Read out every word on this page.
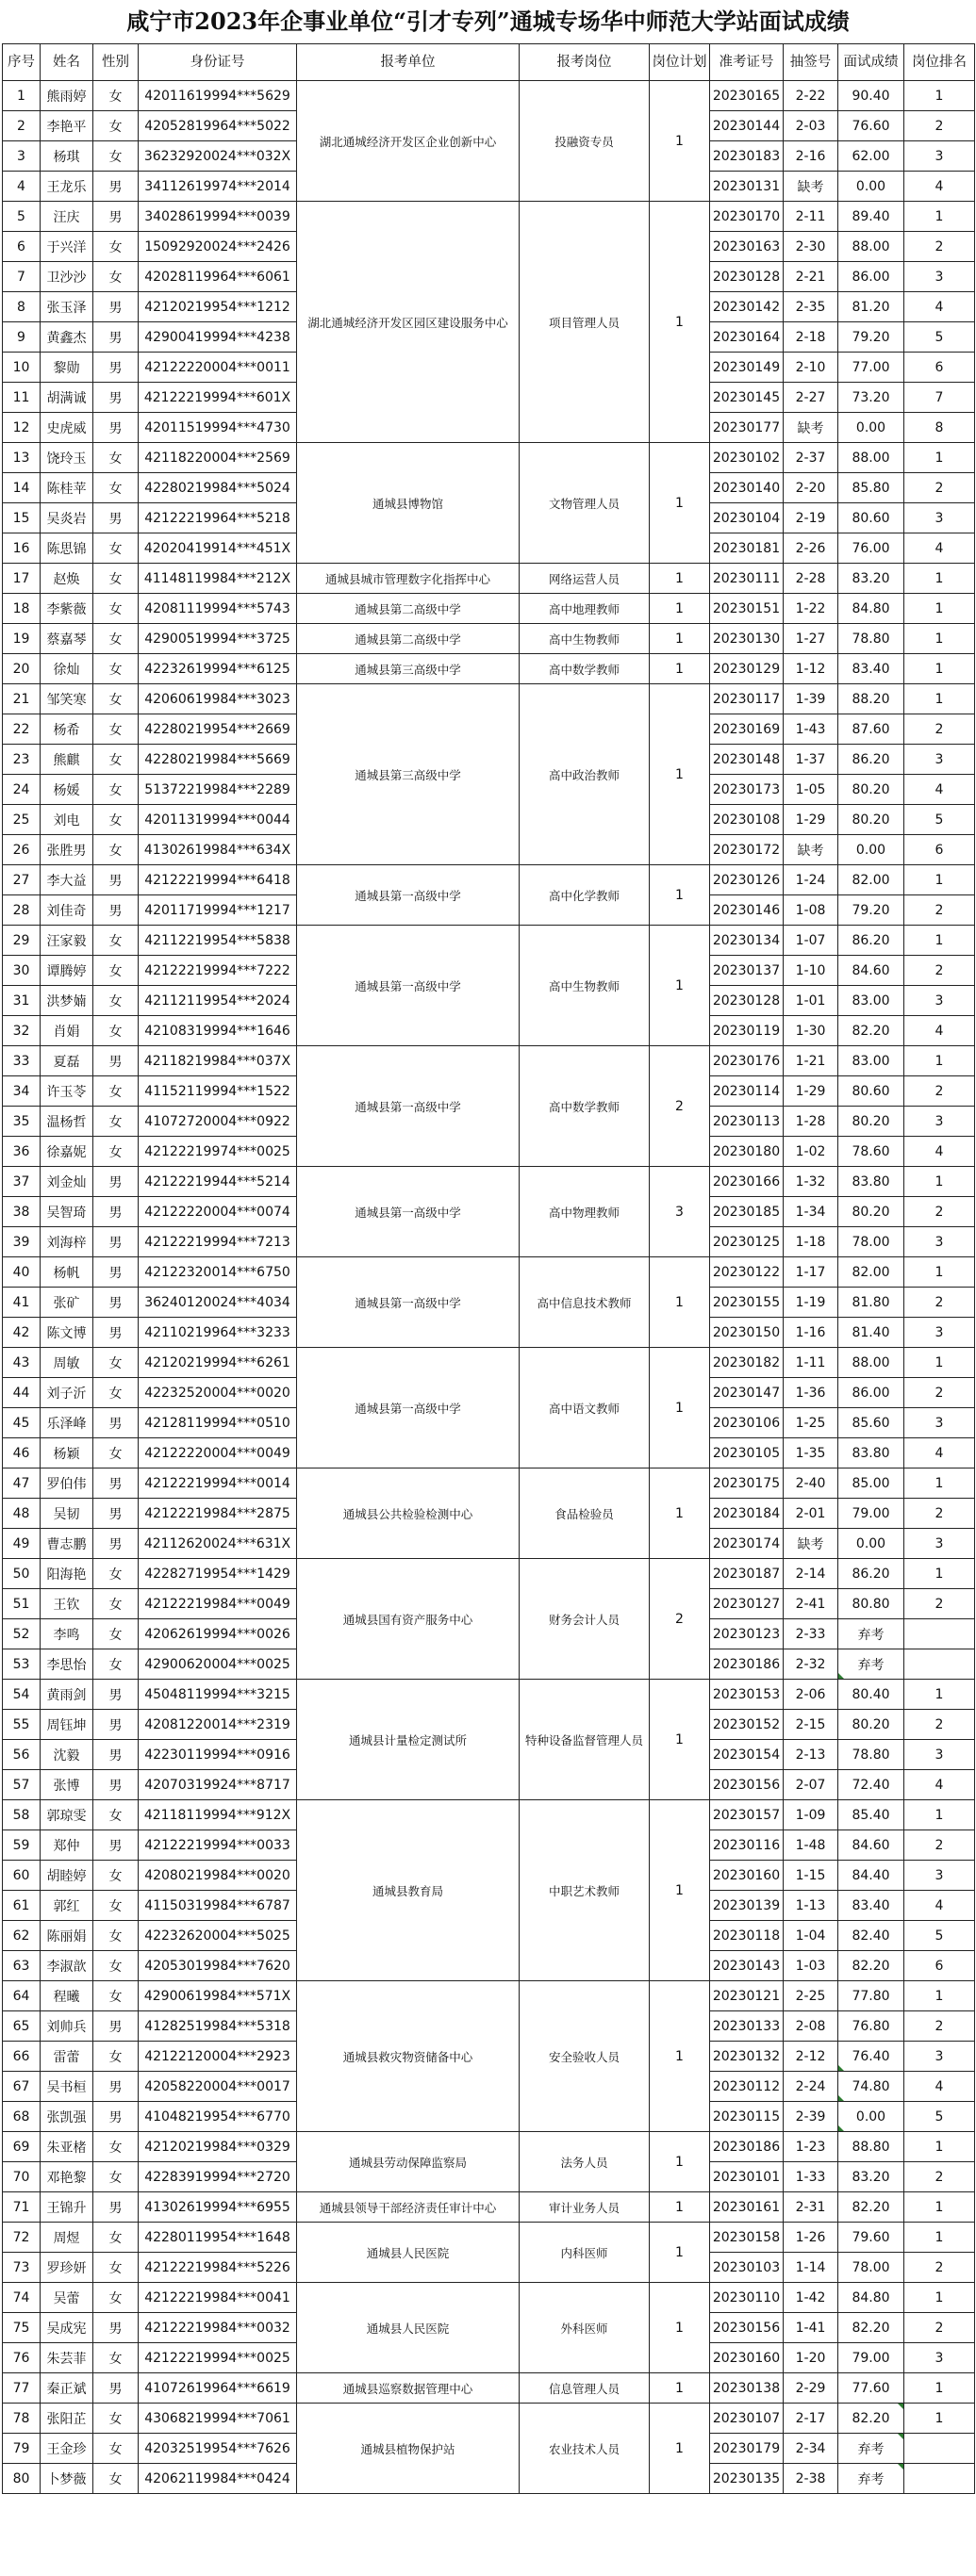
咸宁市2023年企事业单位“引才专列”通城专场华中师范大学站面试成绩
序号	姓名	性别	身份证号	报考单位	报考岗位	岗位计划	准考证号	抽签号	面试成绩	岗位排名
1	熊雨婷	女	42011619994***5629	湖北通城经济开发区企业创新中心	投融资专员	1	20230165	2-22	90.40	1
2	李艳平	女	42052819964***5022				20230144	2-03	76.60	2
3	杨琪	女	36232920024***032X				20230183	2-16	62.00	3
4	王龙乐	男	34112619974***2014				20230131	缺考	0.00	4
5	汪庆	男	34028619994***0039	湖北通城经济开发区园区建设服务中心	项目管理人员	1	20230170	2-11	89.40	1
6	于兴洋	女	15092920024***2426				20230163	2-30	88.00	2
7	卫沙沙	女	42028119964***6061				20230128	2-21	86.00	3
8	张玉泽	男	42120219954***1212				20230142	2-35	81.20	4
9	黄鑫杰	男	42900419994***4238				20230164	2-18	79.20	5
10	黎勋	男	42122220004***0011				20230149	2-10	77.00	6
11	胡满诚	男	42122219994***601X				20230145	2-27	73.20	7
12	史虎威	男	42011519994***4730				20230177	缺考	0.00	8
13	饶玲玉	女	42118220004***2569	通城县博物馆	文物管理人员	1	20230102	2-37	88.00	1
14	陈桂苹	女	42280219984***5024				20230140	2-20	85.80	2
15	吴炎岩	男	42122219964***5218				20230104	2-19	80.60	3
16	陈思锦	女	42020419914***451X				20230181	2-26	76.00	4
17	赵焕	女	41148119984***212X	通城县城市管理数字化指挥中心	网络运营人员	1	20230111	2-28	83.20	1
18	李紫薇	女	42081119994***5743	通城县第二高级中学	高中地理教师	1	20230151	1-22	84.80	1
19	蔡嘉琴	女	42900519994***3725	通城县第二高级中学	高中生物教师	1	20230130	1-27	78.80	1
20	徐灿	女	42232619994***6125	通城县第三高级中学	高中数学教师	1	20230129	1-12	83.40	1
21	邹笑寒	女	42060619984***3023	通城县第三高级中学	高中政治教师	1	20230117	1-39	88.20	1
22	杨希	女	42280219954***2669				20230169	1-43	87.60	2
23	熊麒	女	42280219984***5669				20230148	1-37	86.20	3
24	杨媛	女	51372219984***2289				20230173	1-05	80.20	4
25	刘电	女	42011319994***0044				20230108	1-29	80.20	5
26	张胜男	女	41302619984***634X				20230172	缺考	0.00	6
27	李大益	男	42122219994***6418	通城县第一高级中学	高中化学教师	1	20230126	1-24	82.00	1
28	刘佳奇	男	42011719994***1217				20230146	1-08	79.20	2
29	汪家毅	女	42112219954***5838	通城县第一高级中学	高中生物教师	1	20230134	1-07	86.20	1
30	谭腾婷	女	42122219994***7222				20230137	1-10	84.60	2
31	洪梦婻	女	42112119954***2024				20230128	1-01	83.00	3
32	肖娟	女	42108319994***1646				20230119	1-30	82.20	4
33	夏磊	男	42118219984***037X	通城县第一高级中学	高中数学教师	2	20230176	1-21	83.00	1
34	许玉苓	女	41152119994***1522				20230114	1-29	80.60	2
35	温杨哲	女	41072720004***0922				20230113	1-28	80.20	3
36	徐嘉妮	女	42122219974***0025				20230180	1-02	78.60	4
37	刘金灿	男	42122219944***5214	通城县第一高级中学	高中物理教师	3	20230166	1-32	83.80	1
38	吴智琦	男	42122220004***0074				20230185	1-34	80.20	2
39	刘海梓	男	42122219994***7213				20230125	1-18	78.00	3
40	杨帆	男	42122320014***6750	通城县第一高级中学	高中信息技术教师	1	20230122	1-17	82.00	1
41	张矿	男	36240120024***4034				20230155	1-19	81.80	2
42	陈文博	男	42110219964***3233				20230150	1-16	81.40	3
43	周敏	女	42120219994***6261	通城县第一高级中学	高中语文教师	1	20230182	1-11	88.00	1
44	刘子沂	女	42232520004***0020				20230147	1-36	86.00	2
45	乐泽峰	男	42128119994***0510				20230106	1-25	85.60	3
46	杨颖	女	42122220004***0049				20230105	1-35	83.80	4
47	罗伯伟	男	42122219994***0014	通城县公共检验检测中心	食品检验员	1	20230175	2-40	85.00	1
48	吴韧	男	42122219984***2875				20230184	2-01	79.00	2
49	曹志鹏	男	42112620024***631X				20230174	缺考	0.00	3
50	阳海艳	女	42282719954***1429	通城县国有资产服务中心	财务会计人员	2	20230187	2-14	86.20	1
51	王钦	女	42122219984***0049				20230127	2-41	80.80	2
52	李鸣	女	42062619994***0026				20230123	2-33	弃考	
53	李思怡	女	42900620004***0025				20230186	2-32	弃考	
54	黄雨剑	男	45048119994***3215	通城县计量检定测试所	特种设备监督管理人员	1	20230153	2-06	80.40	1
55	周钰坤	男	42081220014***2319				20230152	2-15	80.20	2
56	沈毅	男	42230119994***0916				20230154	2-13	78.80	3
57	张博	男	42070319924***8717				20230156	2-07	72.40	4
58	郭琼雯	女	42118119994***912X	通城县教育局	中职艺术教师	1	20230157	1-09	85.40	1
59	郑仲	男	42122219994***0033				20230116	1-48	84.60	2
60	胡睦婷	女	42080219984***0020				20230160	1-15	84.40	3
61	郭红	女	41150319984***6787				20230139	1-13	83.40	4
62	陈丽娟	女	42232620004***5025				20230118	1-04	82.40	5
63	李淑歆	女	42053019984***7620				20230143	1-03	82.20	6
64	程曦	女	42900619984***571X	通城县救灾物资储备中心	安全验收人员	1	20230121	2-25	77.80	1
65	刘帅兵	男	41282519984***5318				20230133	2-08	76.80	2
66	雷蕾	女	42122120004***2923				20230132	2-12	76.40	3
67	吴书桓	男	42058220004***0017				20230112	2-24	74.80	4
68	张凯强	男	41048219954***6770				20230115	2-39	0.00	5
69	朱亚楮	女	42120219984***0329	通城县劳动保障监察局	法务人员	1	20230186	1-23	88.80	1
70	邓艳黎	女	42283919994***2720				20230101	1-33	83.20	2
71	王锦升	男	41302619994***6955	通城县领导干部经济责任审计中心	审计业务人员	1	20230161	2-31	82.20	1
72	周煜	女	42280119954***1648	通城县人民医院	内科医师	1	20230158	1-26	79.60	1
73	罗珍妍	女	42122219984***5226				20230103	1-14	78.00	2
74	吴蕾	女	42122219984***0041	通城县人民医院	外科医师	1	20230110	1-42	84.80	1
75	吴成宪	男	42122219984***0032				20230156	1-41	82.20	2
76	朱芸菲	女	42122219994***0025				20230160	1-20	79.00	3
77	秦正斌	男	41072619964***6619	通城县巡察数据管理中心	信息管理人员	1	20230138	2-29	77.60	1
78	张阳芷	女	43068219994***7061	通城县植物保护站	农业技术人员	1	20230107	2-17	82.20	1
79	王金珍	女	42032519954***7626				20230179	2-34	弃考	
80	卜梦薇	女	42062119984***0424				20230135	2-38	弃考	
